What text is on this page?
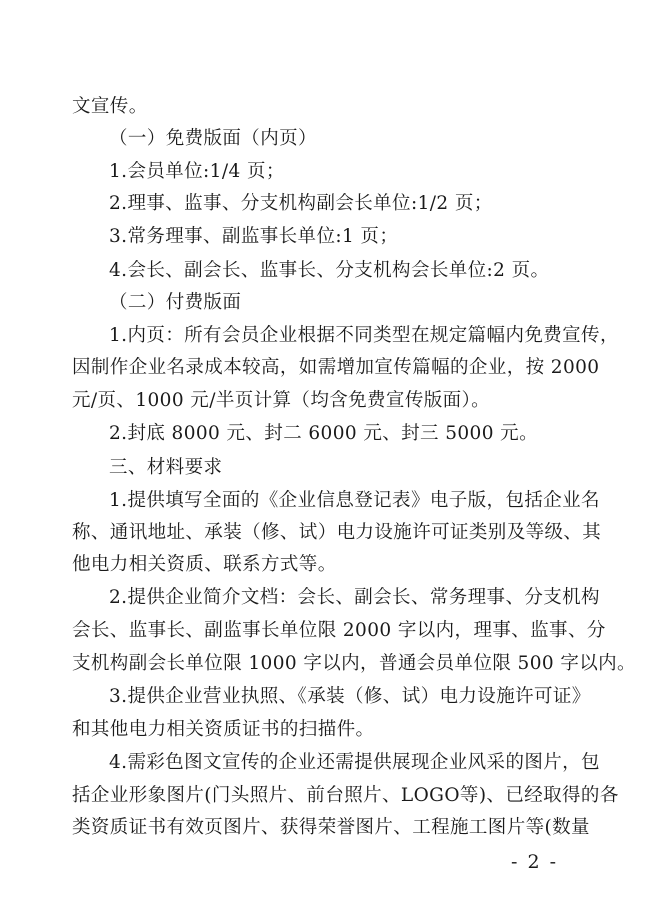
文宣传。
（一）免费版面（内页）
1.会员单位:1/4 页；
2.理事、监事、分支机构副会长单位:1/2 页；
3.常务理事、副监事长单位:1 页；
4.会长、副会长、监事长、分支机构会长单位:2 页。
（二）付费版面
1.内页：所有会员企业根据不同类型在规定篇幅内免费宣传，
因制作企业名录成本较高，如需增加宣传篇幅的企业，按 2000
元/页、1000 元/半页计算（均含免费宣传版面）。
2.封底 8000 元、封二 6000 元、封三 5000 元。
三、材料要求
1.提供填写全面的《企业信息登记表》电子版，包括企业名
称、通讯地址、承装（修、试）电力设施许可证类别及等级、其
他电力相关资质、联系方式等。
2.提供企业简介文档：会长、副会长、常务理事、分支机构
会长、监事长、副监事长单位限 2000 字以内，理事、监事、分
支机构副会长单位限 1000 字以内，普通会员单位限 500 字以内。
3.提供企业营业执照、《承装（修、试）电力设施许可证》
和其他电力相关资质证书的扫描件。
4.需彩色图文宣传的企业还需提供展现企业风采的图片，包
括企业形象图片(门头照片、前台照片、LOGO等)、已经取得的各
类资质证书有效页图片、获得荣誉图片、工程施工图片等(数量
- 2 -
